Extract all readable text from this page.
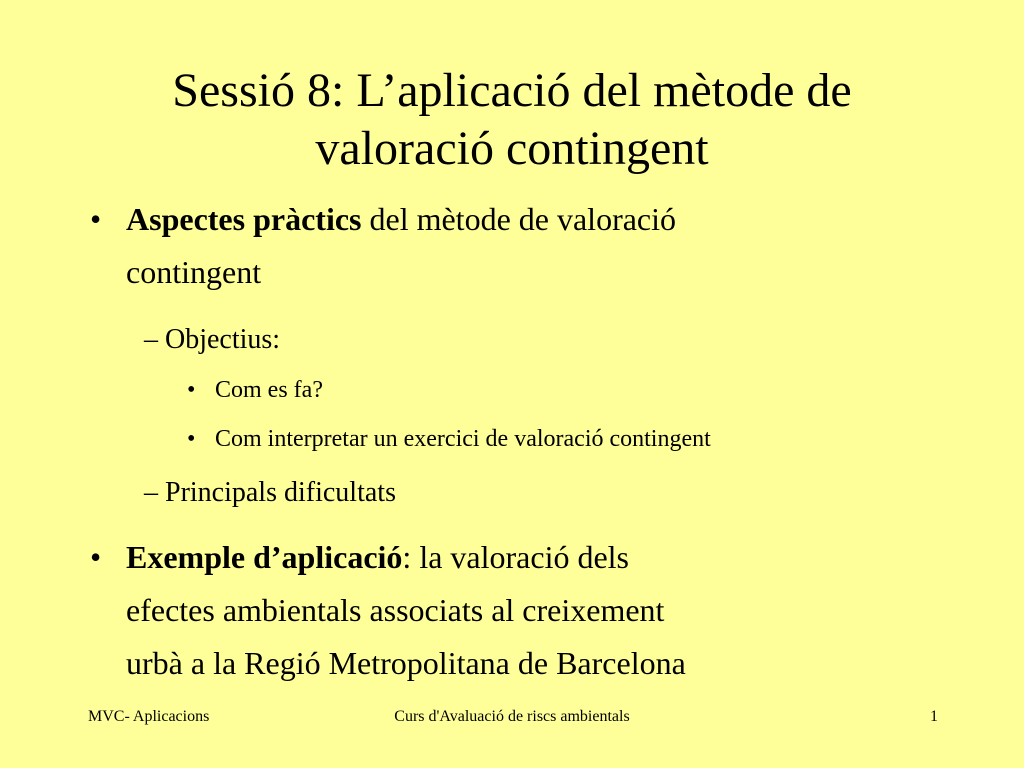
Sessió 8: L’aplicació del mètode de
valoració contingent
• Aspectes pràctics del mètode de valoració
contingent
– Objectius:
• Com es fa?
• Com interpretar un exercici de valoració contingent
– Principals dificultats
• Exemple d’aplicació: la valoració dels
efectes ambientals associats al creixement
urbà a la Regió Metropolitana de Barcelona
MVC- Aplicacions	Curs d'Avaluació de riscs ambientals	1
